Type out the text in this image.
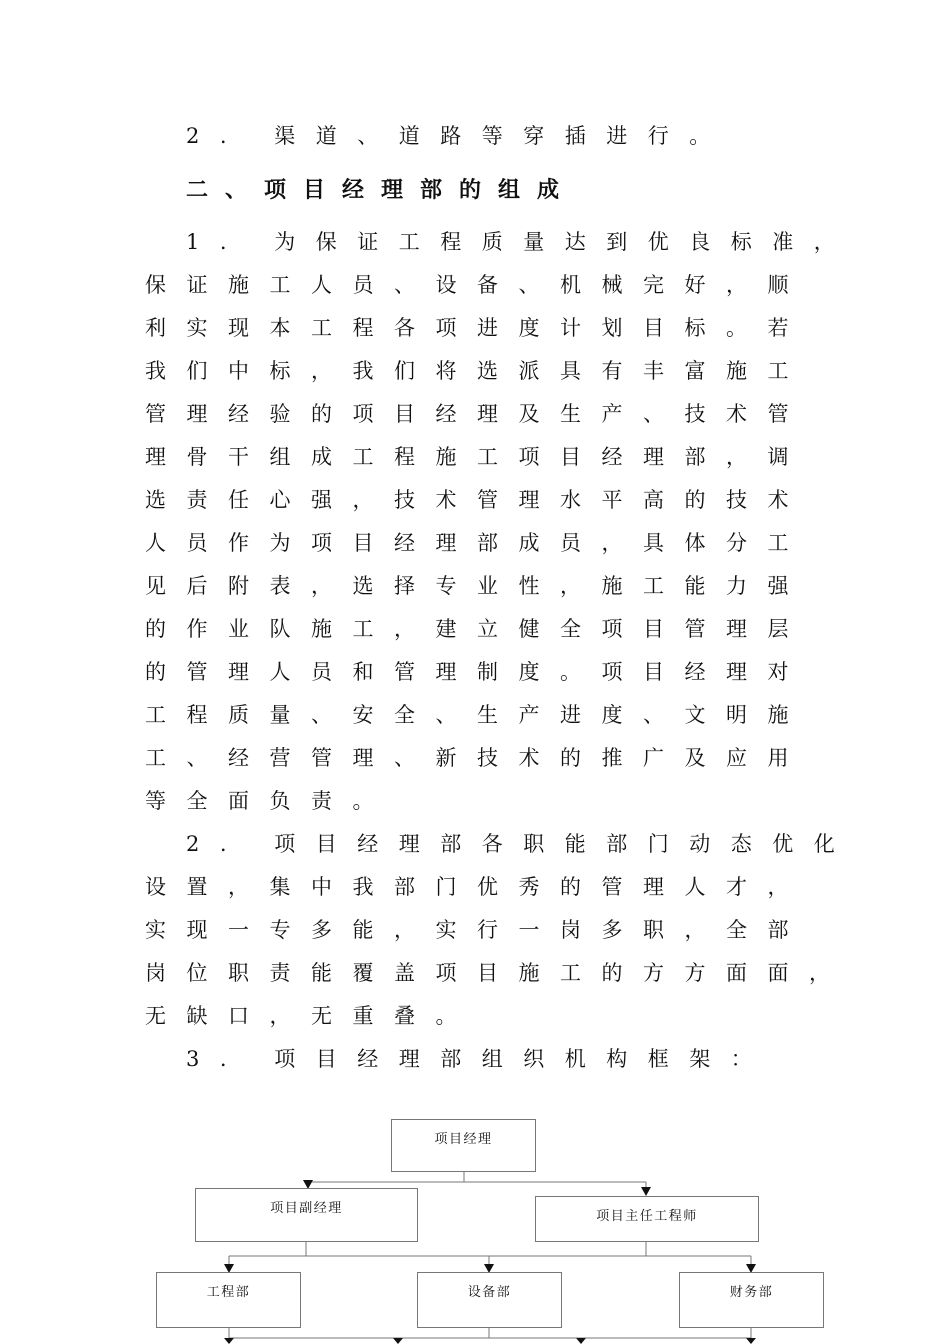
2. 渠道、道路等穿插进行。

二、项目经理部的组成

1. 为保证工程质量达到优良标准，

保证施工人员、设备、机械完好，顺

利实现本工程各项进度计划目标。若

我们中标，我们将选派具有丰富施工

管理经验的项目经理及生产、技术管

理骨干组成工程施工项目经理部，调

选责任心强，技术管理水平高的技术

人员作为项目经理部成员，具体分工

见后附表，选择专业性，施工能力强

的作业队施工，建立健全项目管理层

的管理人员和管理制度。项目经理对

工程质量、安全、生产进度、文明施

工、经营管理、新技术的推广及应用

等全面负责。

2. 项目经理部各职能部门动态优化

设置，集中我部门优秀的管理人才，

实现一专多能，实行一岗多职，全部

岗位职责能覆盖项目施工的方方面面，

无缺口，无重叠。

3. 项目经理部组织机构框架：

项目经理
项目副经理
项目主任工程师
工程部	设备部	财务部
